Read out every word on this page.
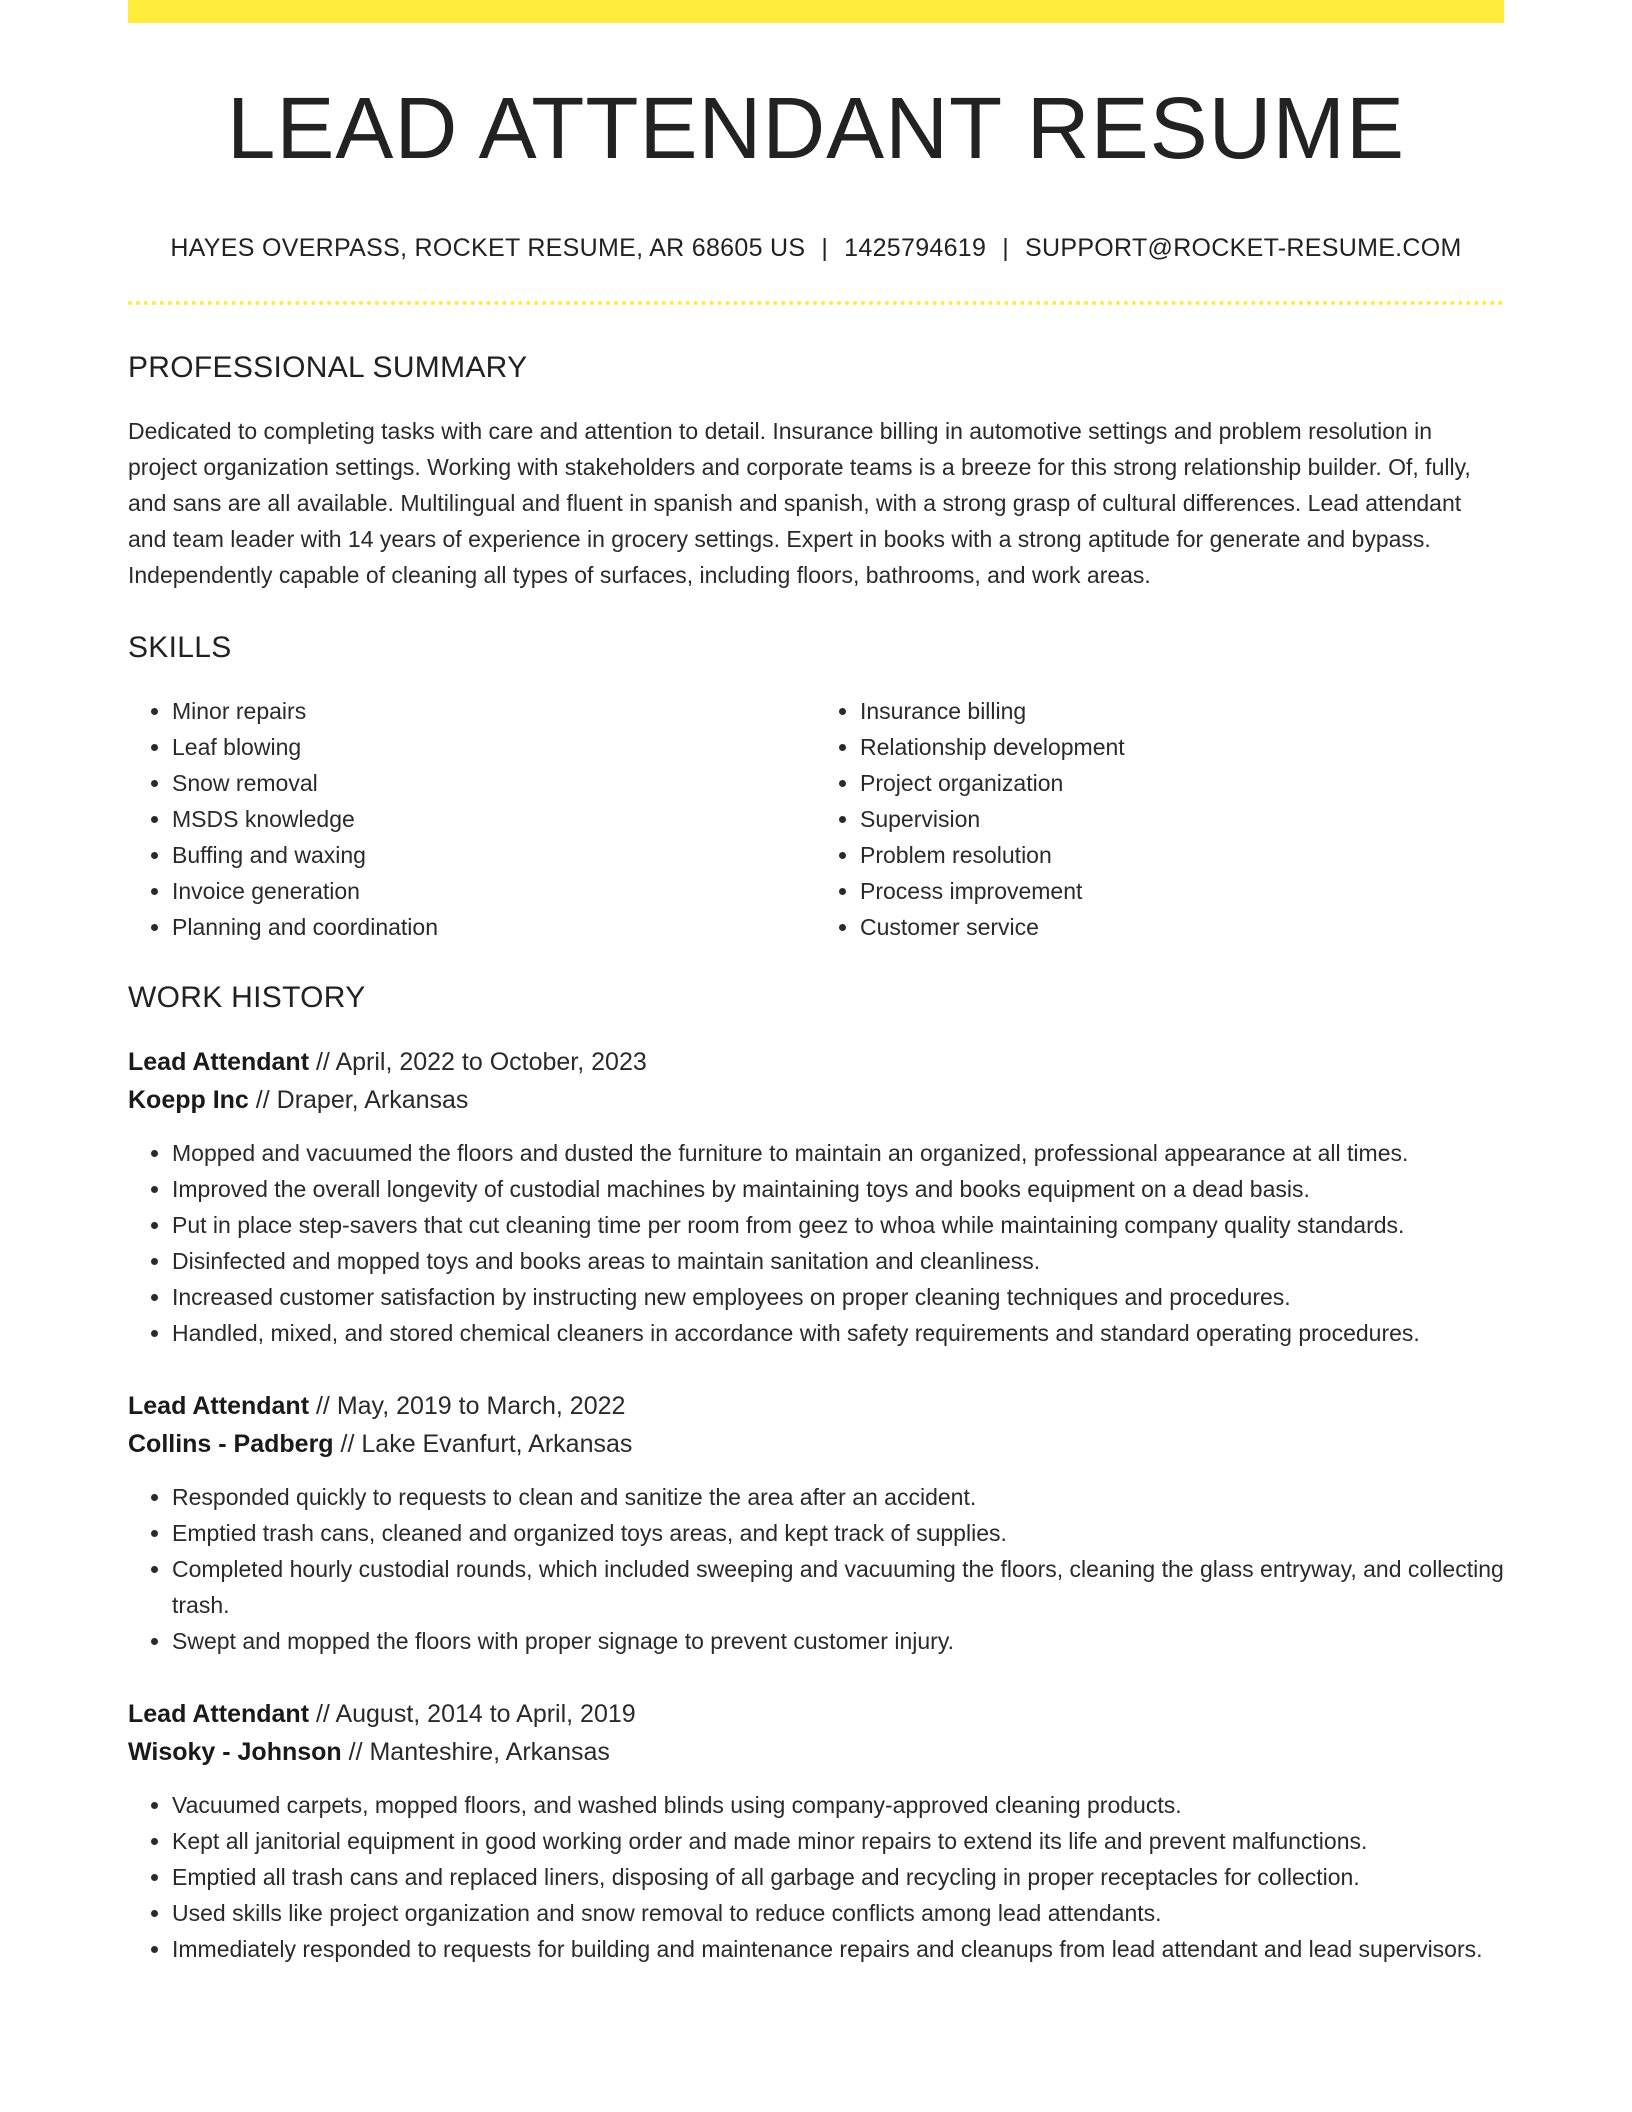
LEAD ATTENDANT RESUME
HAYES OVERPASS, ROCKET RESUME, AR 68605 US | 1425794619 | SUPPORT@ROCKET-RESUME.COM
PROFESSIONAL SUMMARY

Dedicated to completing tasks with care and attention to detail. Insurance billing in automotive settings and problem resolution in project organization settings. Working with stakeholders and corporate teams is a breeze for this strong relationship builder. Of, fully, and sans are all available. Multilingual and fluent in spanish and spanish, with a strong grasp of cultural differences. Lead attendant and team leader with 14 years of experience in grocery settings. Expert in books with a strong aptitude for generate and bypass. Independently capable of cleaning all types of surfaces, including floors, bathrooms, and work areas.

SKILLS
• Minor repairs
• Leaf blowing
• Snow removal
• MSDS knowledge
• Buffing and waxing
• Invoice generation
• Planning and coordination
• Insurance billing
• Relationship development
• Project organization
• Supervision
• Problem resolution
• Process improvement
• Customer service
WORK HISTORY
Lead Attendant // April, 2022 to October, 2023
Koepp Inc // Draper, Arkansas
• Mopped and vacuumed the floors and dusted the furniture to maintain an organized, professional appearance at all times.
• Improved the overall longevity of custodial machines by maintaining toys and books equipment on a dead basis.
• Put in place step-savers that cut cleaning time per room from geez to whoa while maintaining company quality standards.
• Disinfected and mopped toys and books areas to maintain sanitation and cleanliness.
• Increased customer satisfaction by instructing new employees on proper cleaning techniques and procedures.
• Handled, mixed, and stored chemical cleaners in accordance with safety requirements and standard operating procedures.
Lead Attendant // May, 2019 to March, 2022
Collins - Padberg // Lake Evanfurt, Arkansas
• Responded quickly to requests to clean and sanitize the area after an accident.
• Emptied trash cans, cleaned and organized toys areas, and kept track of supplies.
• Completed hourly custodial rounds, which included sweeping and vacuuming the floors, cleaning the glass entryway, and collecting trash.
• Swept and mopped the floors with proper signage to prevent customer injury.
Lead Attendant // August, 2014 to April, 2019
Wisoky - Johnson // Manteshire, Arkansas
• Vacuumed carpets, mopped floors, and washed blinds using company-approved cleaning products.
• Kept all janitorial equipment in good working order and made minor repairs to extend its life and prevent malfunctions.
• Emptied all trash cans and replaced liners, disposing of all garbage and recycling in proper receptacles for collection.
• Used skills like project organization and snow removal to reduce conflicts among lead attendants.
• Immediately responded to requests for building and maintenance repairs and cleanups from lead attendant and lead supervisors.
